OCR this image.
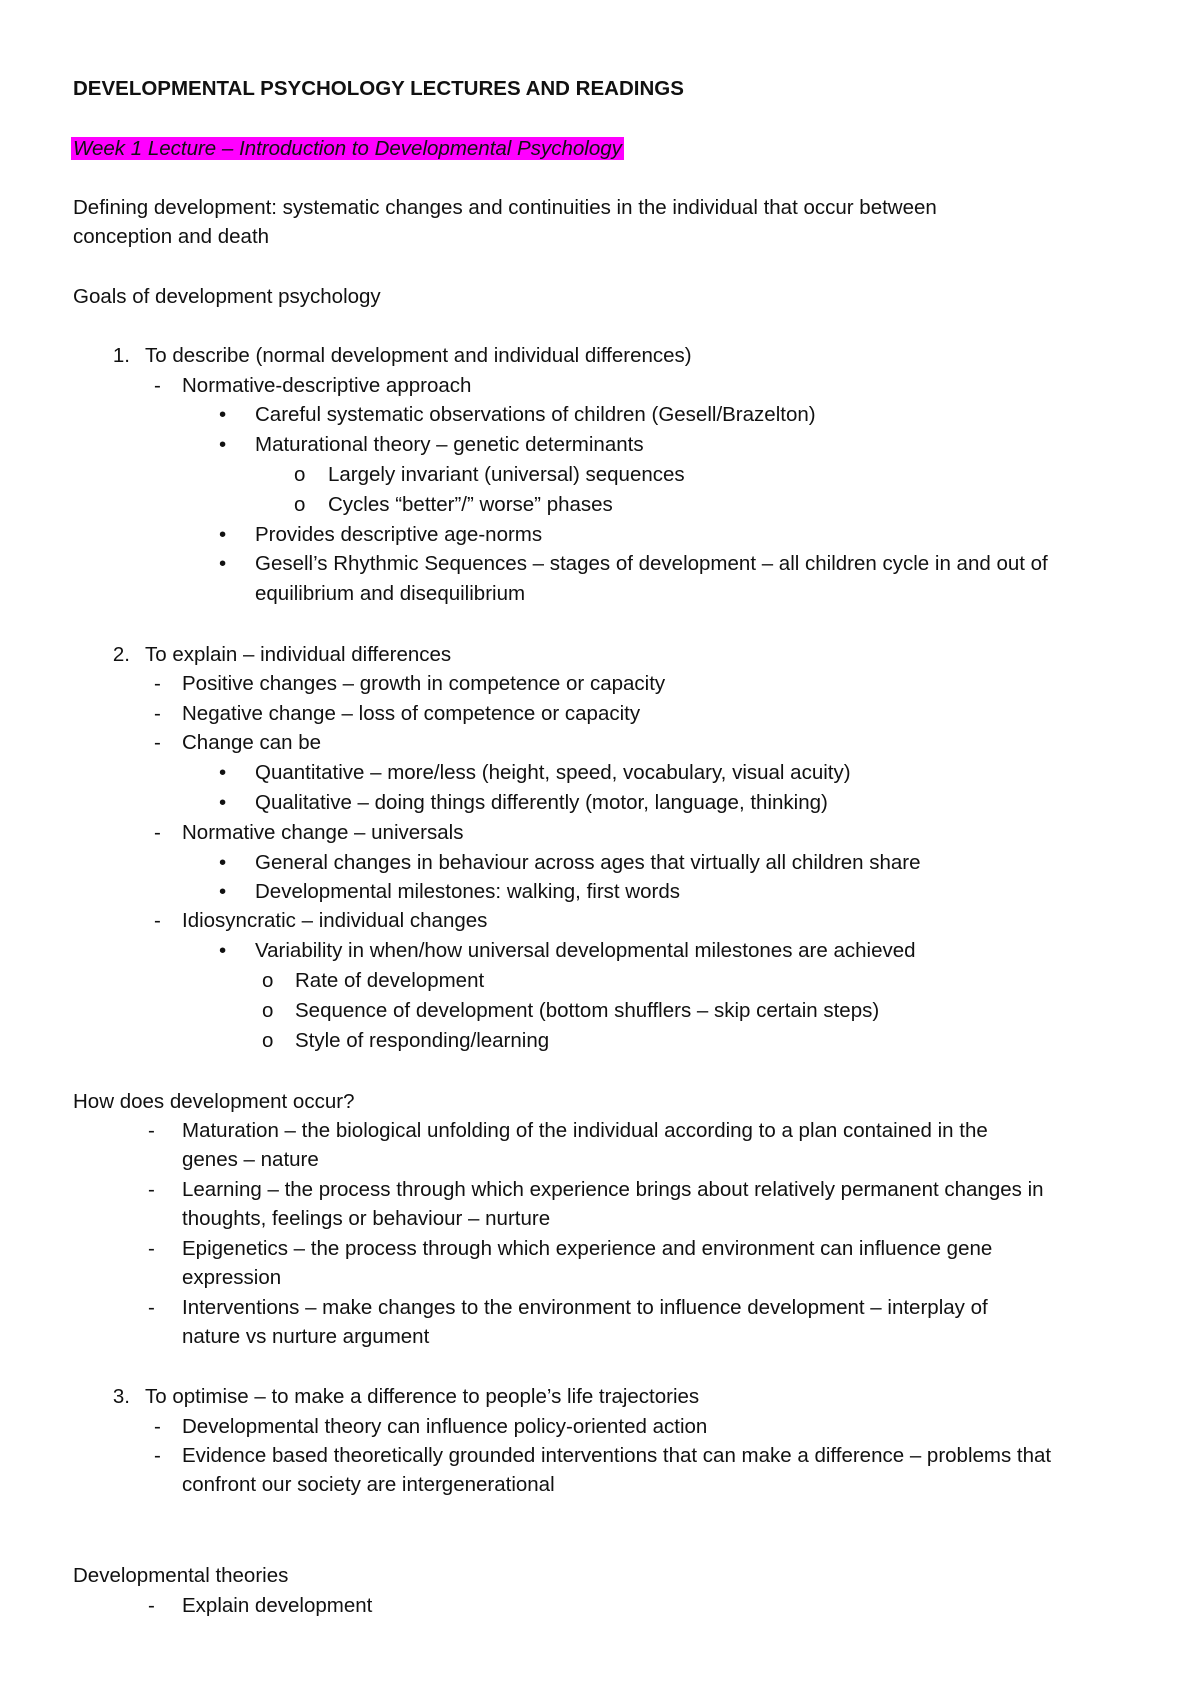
DEVELOPMENTAL PSYCHOLOGY LECTURES AND READINGS
Week 1 Lecture – Introduction to Developmental Psychology
Defining development: systematic changes and continuities in the individual that occur between
conception and death
Goals of development psychology
1. To describe (normal development and individual differences)
- Normative-descriptive approach
• Careful systematic observations of children (Gesell/Brazelton)
• Maturational theory – genetic determinants
o Largely invariant (universal) sequences
o Cycles “better”/” worse” phases
• Provides descriptive age-norms
• Gesell’s Rhythmic Sequences – stages of development – all children cycle in and out of
equilibrium and disequilibrium
2. To explain – individual differences
- Positive changes – growth in competence or capacity
- Negative change – loss of competence or capacity
- Change can be
• Quantitative – more/less (height, speed, vocabulary, visual acuity)
• Qualitative – doing things differently (motor, language, thinking)
- Normative change – universals
• General changes in behaviour across ages that virtually all children share
• Developmental milestones: walking, first words
- Idiosyncratic – individual changes
• Variability in when/how universal developmental milestones are achieved
o Rate of development
o Sequence of development (bottom shufflers – skip certain steps)
o Style of responding/learning
How does development occur?
- Maturation – the biological unfolding of the individual according to a plan contained in the
genes – nature
- Learning – the process through which experience brings about relatively permanent changes in
thoughts, feelings or behaviour – nurture
- Epigenetics – the process through which experience and environment can influence gene
expression
- Interventions – make changes to the environment to influence development – interplay of
nature vs nurture argument
3. To optimise – to make a difference to people’s life trajectories
- Developmental theory can influence policy-oriented action
- Evidence based theoretically grounded interventions that can make a difference – problems that
confront our society are intergenerational
Developmental theories
- Explain development
